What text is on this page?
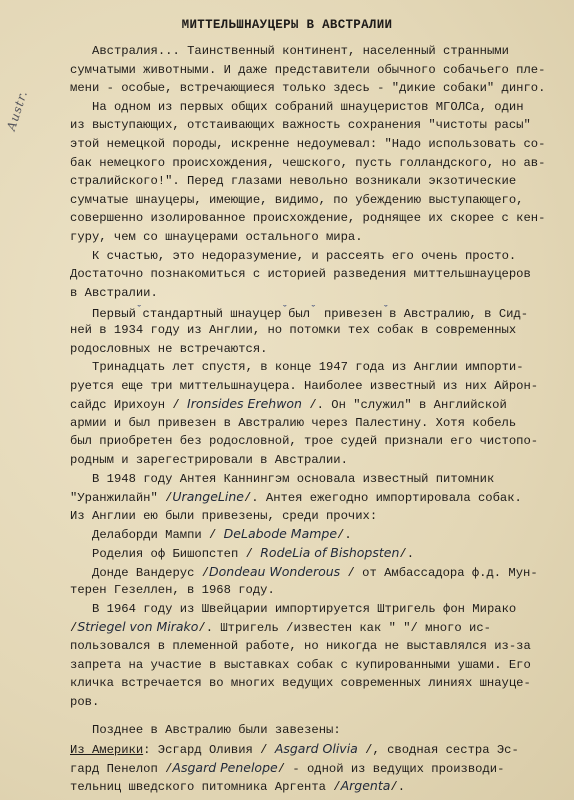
Austr.
МИТТЕЛЬШНАУЦЕРЫ В АВСТРАЛИИ
Австралия... Таинственный континент, населенный странными
сумчатыми животными. И даже представители обычного собачьего пле-
мени - особые, встречающиеся только здесь - "дикие собаки" динго.
На одном из первых общих собраний шнауцеристов МГОЛСа, один
из выступающих, отстаивающих важность сохранения "чистоты расы"
этой немецкой породы, искренне недоумевал: "Надо использовать со-
бак немецкого происхождения, чешского, пусть голландского, но ав-
стралийского!". Перед глазами невольно возникали экзотические
сумчатые шнауцеры, имеющие, видимо, по убеждению выступающего,
совершенно изолированное происхождение, роднящее их скорее с кен-
гуру, чем со шнауцерами остального мира.
К счастью, это недоразумение, и рассеять его очень просто.
Достаточно познакомиться с историей разведения миттельшнауцеров
в Австралии.
Первыйˇстандартный шнауцерˇбылˇ привезенˇв Австралию, в Сид-
ней в 1934 году из Англии, но потомки тех собак в современных
родословных не встречаются.
Тринадцать лет спустя, в конце 1947 года из Англии импорти-
руется еще три миттельшнауцера. Наиболее известный из них Айрон-
сайдс Ирихоун / Ironsides Erehwon /. Он "служил" в Английской
армии и был привезен в Австралию через Палестину. Хотя кобель
был приобретен без родословной, трое судей признали его чистопо-
родным и зарегестрировали в Австралии.
В 1948 году Антея Каннингэм основала известный питомник
"Уранжилайн" /UrangeLine/. Антея ежегодно импортировала собак.
Из Англии ею были привезены, среди прочих:
Делаборди Мампи / DeLabode Mampe/.
Роделия оф Бишопстеп / RodeLia of Bishopsten/.
Донде Вандерус /Dondeau Wonderous / от Амбассадора ф.д. Мун-
терен Гезеллен, в 1968 году.
В 1964 году из Швейцарии импортируется Штригель фон Мирако
/Striegel von Mirako/. Штригель /известен как " "/ много ис-
пользовался в племенной работе, но никогда не выставлялся из-за
запрета на участие в выставках собак с купированными ушами. Его
кличка встречается во многих ведущих современных линиях шнауце-
ров.
Позднее в Австралию были завезены:
Из Америки: Эсгард Оливия / Asgard Olivia /, сводная сестра Эс-
гард Пенелоп /Asgard Penelope/ - одной из ведущих производи-
тельниц шведского питомника Аргента /Argenta/.
